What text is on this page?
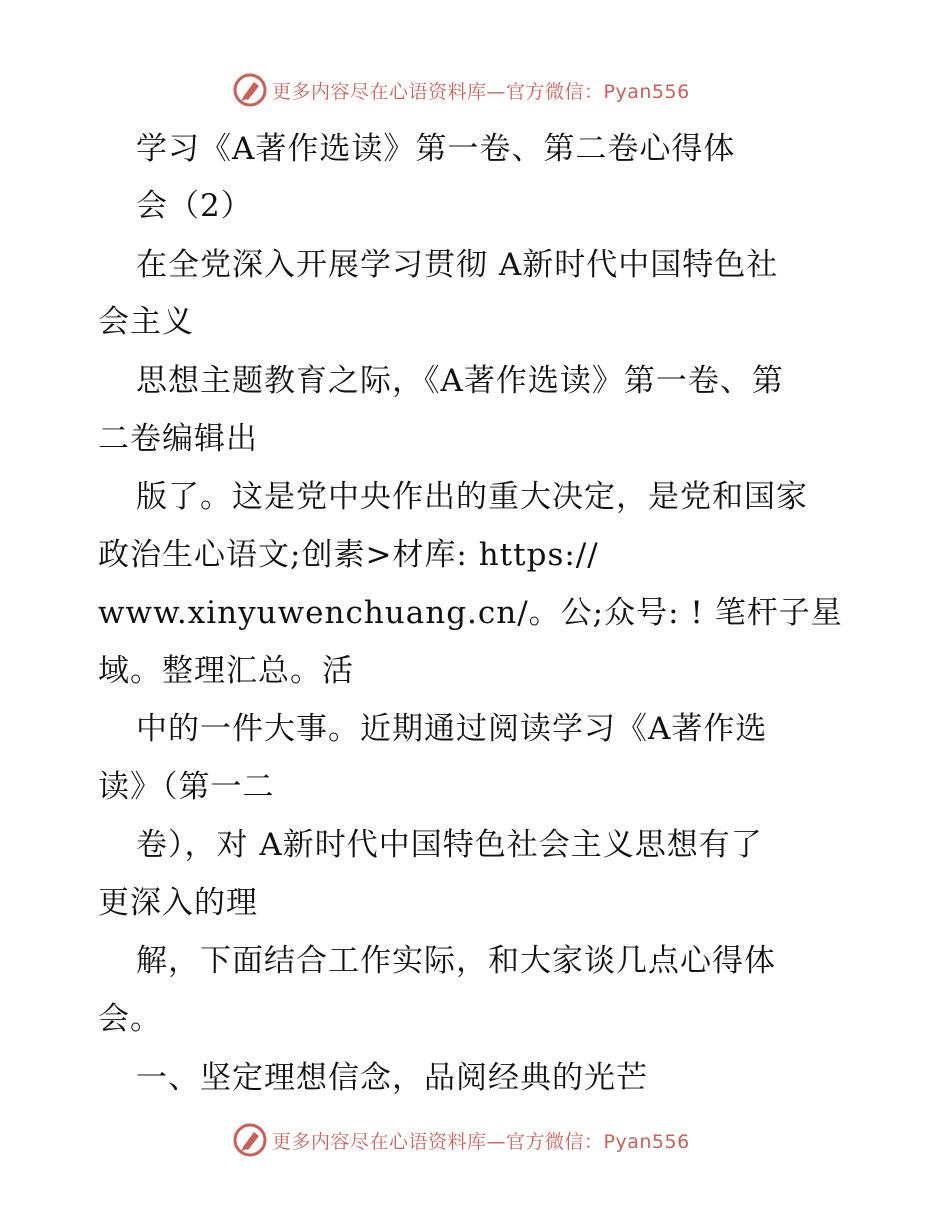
更多内容尽在心语资料库—官方微信：Pyan556
学习《A著作选读》第一卷、第二卷心得体
会（2）
在全党深入开展学习贯彻 A新时代中国特色社
会主义
思想主题教育之际，《A著作选读》第一卷、第
二卷编辑出
版了。这是党中央作出的重大决定，是党和国家
政治生心语文;创素>材库: https://
www.xinyuwenchuang.cn/。公;众号: ! 笔杆子星
域。整理汇总。活
中的一件大事。近期通过阅读学习《A著作选
读》（第一二
卷），对 A新时代中国特色社会主义思想有了
更深入的理
解，下面结合工作实际，和大家谈几点心得体
会。
一、坚定理想信念，品阅经典的光芒
更多内容尽在心语资料库—官方微信：Pyan556
